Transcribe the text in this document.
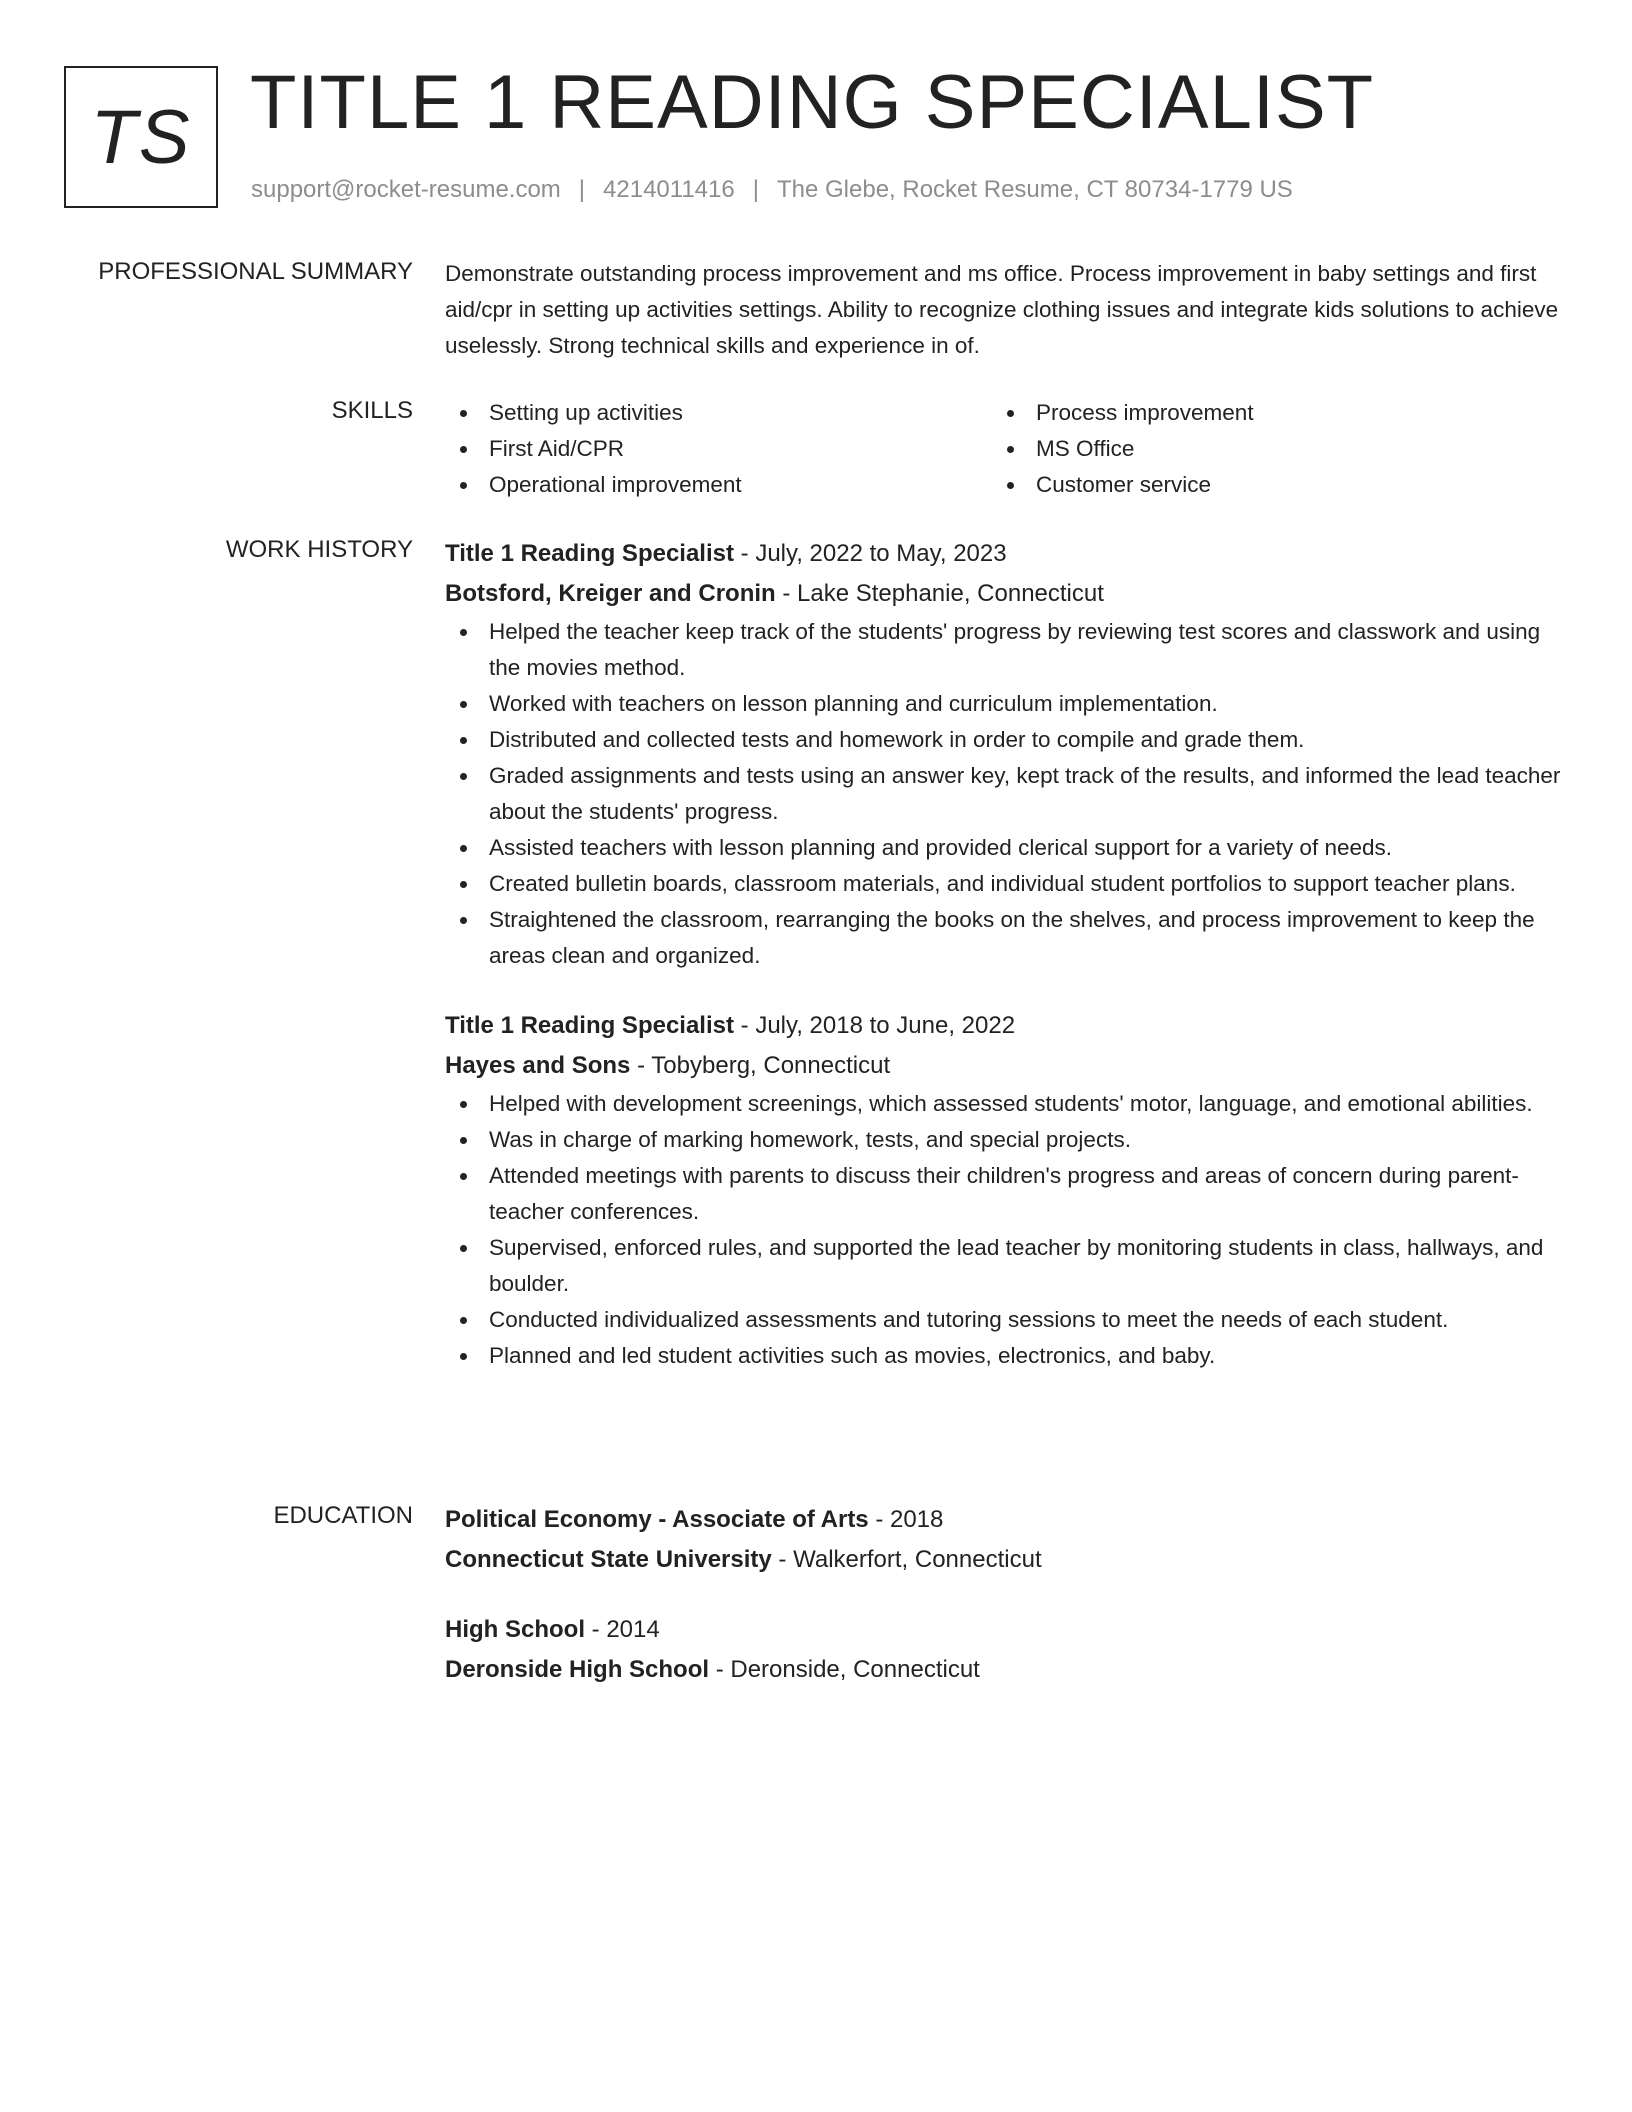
TS TITLE 1 READING SPECIALIST
support@rocket-resume.com | 4214011416 | The Glebe, Rocket Resume, CT 80734-1779 US
PROFESSIONAL SUMMARY Demonstrate outstanding process improvement and ms office. Process improvement in baby settings and first aid/cpr in setting up activities settings. Ability to recognize clothing issues and integrate kids solutions to achieve uselessly. Strong technical skills and experience in of.

SKILLS	Setting up activities
First Aid/CPR
Operational improvement
Process improvement
MS Office
Customer service
WORK HISTORY Title 1 Reading Specialist - July, 2022 to May, 2023
Botsford, Kreiger and Cronin - Lake Stephanie, Connecticut
Helped the teacher keep track of the students' progress by reviewing test scores and classwork and using the movies method.
Worked with teachers on lesson planning and curriculum implementation.
Distributed and collected tests and homework in order to compile and grade them.
Graded assignments and tests using an answer key, kept track of the results, and informed the lead teacher about the students' progress.
Assisted teachers with lesson planning and provided clerical support for a variety of needs.
Created bulletin boards, classroom materials, and individual student portfolios to support teacher plans.
Straightened the classroom, rearranging the books on the shelves, and process improvement to keep the areas clean and organized.
Title 1 Reading Specialist - July, 2018 to June, 2022
Hayes and Sons - Tobyberg, Connecticut
Helped with development screenings, which assessed students' motor, language, and emotional abilities.
Was in charge of marking homework, tests, and special projects.
Attended meetings with parents to discuss their children's progress and areas of concern during parent-teacher conferences.
Supervised, enforced rules, and supported the lead teacher by monitoring students in class, hallways, and boulder.
Conducted individualized assessments and tutoring sessions to meet the needs of each student.
Planned and led student activities such as movies, electronics, and baby.
EDUCATION Political Economy - Associate of Arts - 2018
Connecticut State University - Walkerfort, Connecticut
High School - 2014
Deronside High School - Deronside, Connecticut
